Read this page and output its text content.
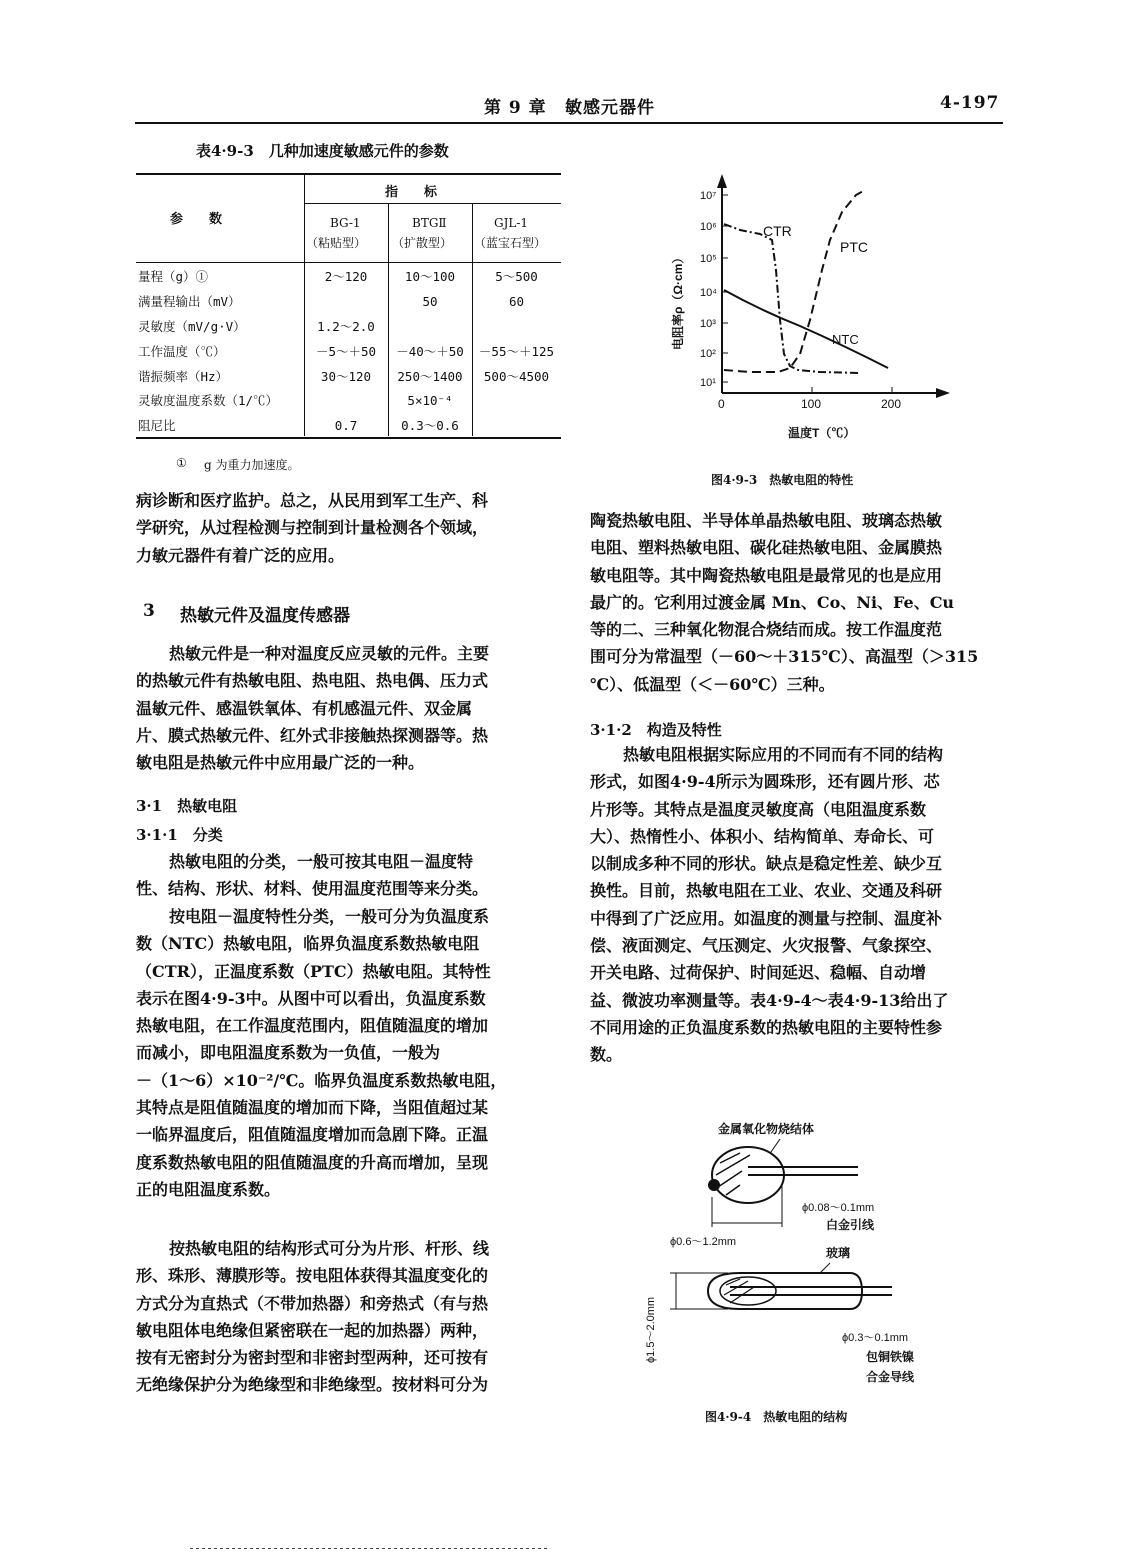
第 9 章 敏感元器件	4-197
表4·9-3　几种加速度敏感元件的参数
参　　数
指　　标
BG-1
（粘贴型）
BTGⅡ
（扩散型）
GJL-1
（蓝宝石型）
量程（g）①	2～120	10～100	5～500
满量程输出（mV）		50	60
灵敏度（mV/g·V）	1.2～2.0		
工作温度（℃）	－5～＋50	－40～＋50	－55～＋125
谐振频率（Hz）	30～120	250～1400	500～4500
灵敏度温度系数（1/℃）		5×10⁻⁴	
阻尼比	0.7	0.3～0.6	
① g 为重力加速度。
10¹
10²
10³
10⁴
10⁵
10⁶
10⁷
0	100	200
CTR
PTC
NTC
电阻率ρ（Ω·cm）
温度T（℃）
图4·9-3　热敏电阻的特性
病诊断和医疗监护。总之，从民用到军工生产、科
学研究，从过程检测与控制到计量检测各个领域，
力敏元器件有着广泛的应用。
3 热敏元件及温度传感器
热敏元件是一种对温度反应灵敏的元件。主要
的热敏元件有热敏电阻、热电阻、热电偶、压力式
温敏元件、感温铁氧体、有机感温元件、双金属
片、膜式热敏元件、红外式非接触热探测器等。热
敏电阻是热敏元件中应用最广泛的一种。
3·1　热敏电阻
3·1·1　分类
热敏电阻的分类，一般可按其电阻－温度特
性、结构、形状、材料、使用温度范围等来分类。
按电阻－温度特性分类，一般可分为负温度系
数（NTC）热敏电阻，临界负温度系数热敏电阻
（CTR），正温度系数（PTC）热敏电阻。其特性
表示在图4·9-3中。从图中可以看出，负温度系数
热敏电阻，在工作温度范围内，阻值随温度的增加
而减小，即电阻温度系数为一负值，一般为
－（1～6）×10⁻²/℃。临界负温度系数热敏电阻，
其特点是阻值随温度的增加而下降，当阻值超过某
一临界温度后，阻值随温度增加而急剧下降。正温
度系数热敏电阻的阻值随温度的升高而增加，呈现
正的电阻温度系数。
按热敏电阻的结构形式可分为片形、杆形、线
形、珠形、薄膜形等。按电阻体获得其温度变化的
方式分为直热式（不带加热器）和旁热式（有与热
敏电阻体电绝缘但紧密联在一起的加热器）两种，
按有无密封分为密封型和非密封型两种，还可按有
无绝缘保护分为绝缘型和非绝缘型。按材料可分为
陶瓷热敏电阻、半导体单晶热敏电阻、玻璃态热敏
电阻、塑料热敏电阻、碳化硅热敏电阻、金属膜热
敏电阻等。其中陶瓷热敏电阻是最常见的也是应用
最广的。它利用过渡金属 Mn、Co、Ni、Fe、Cu
等的二、三种氧化物混合烧结而成。按工作温度范
围可分为常温型（－60～＋315℃）、高温型（＞315
℃）、低温型（＜－60℃）三种。
3·1·2　构造及特性
热敏电阻根据实际应用的不同而有不同的结构
形式，如图4·9-4所示为圆珠形，还有圆片形、芯
片形等。其特点是温度灵敏度高（电阻温度系数
大）、热惰性小、体积小、结构简单、寿命长、可
以制成多种不同的形状。缺点是稳定性差、缺少互
换性。目前，热敏电阻在工业、农业、交通及科研
中得到了广泛应用。如温度的测量与控制、温度补
偿、液面测定、气压测定、火灾报警、气象探空、
开关电路、过荷保护、时间延迟、稳幅、自动增
益、微波功率测量等。表4·9-4～表4·9-13给出了
不同用途的正负温度系数的热敏电阻的主要特性参
数。
金属氧化物烧结体
ϕ0.08～0.1mm
白金引线
ϕ0.6～1.2mm
玻璃
ϕ1.5～2.0mm	ϕ0.3～0.1mm
包铜铁镍
合金导线
图4·9-4　热敏电阻的结构
